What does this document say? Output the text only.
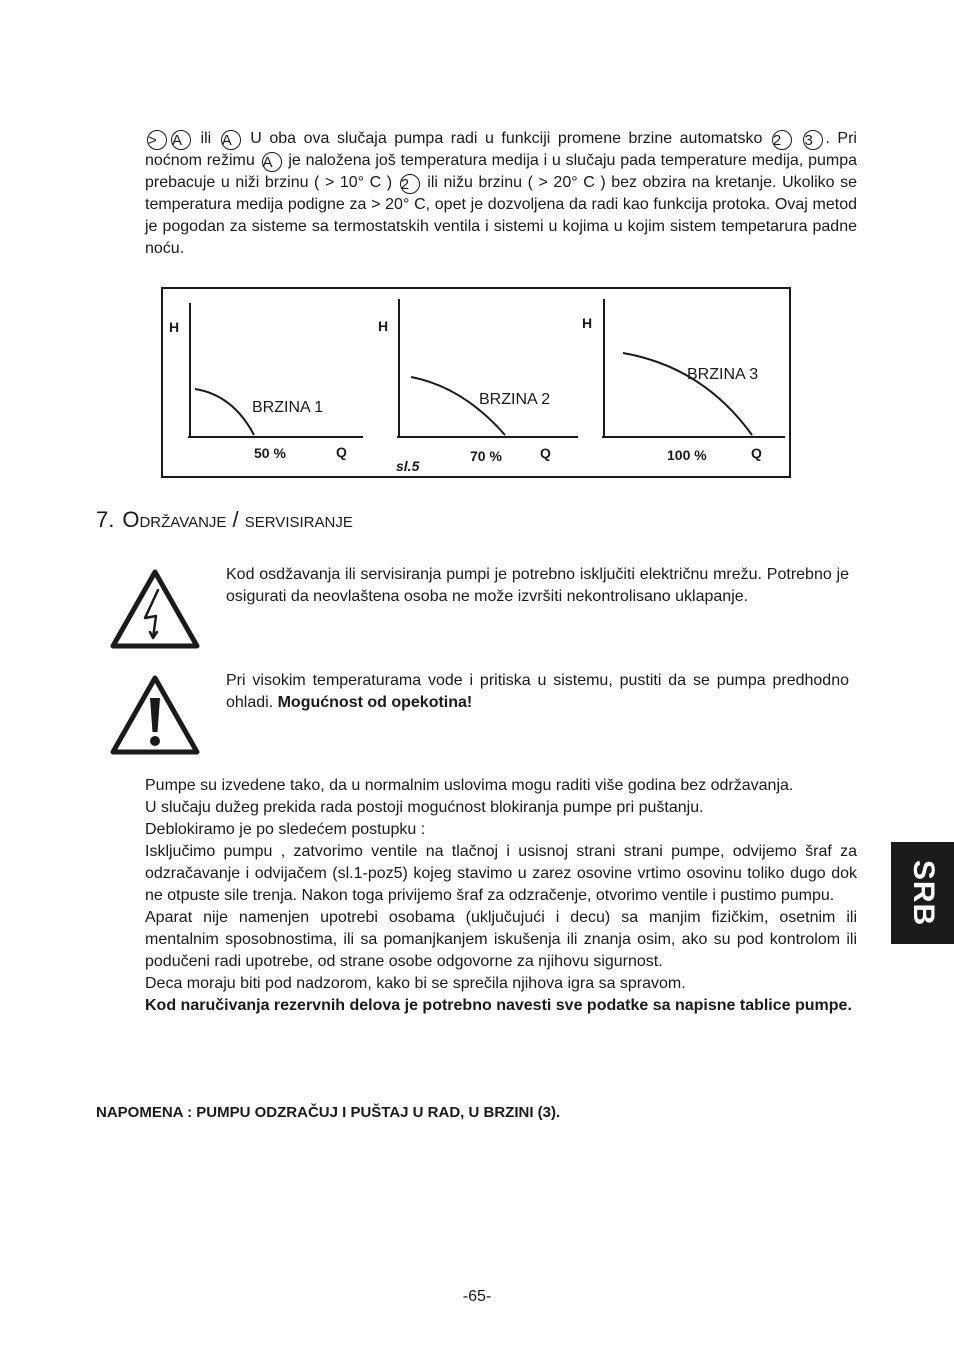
> A ili A U oba ova slučaja pumpa radi u funkciji promene brzine automatsko 2 3 . Pri noćnom režimu A je naložena još temperatura medija i u slučaju pada temperature medija, pumpa prebacuje u niži brzinu ( > 10° C ) 2 ili nižu brzinu ( > 20° C ) bez obzira na kretanje. Ukoliko se temperatura medija podigne za > 20° C, opet je dozvoljena da radi kao funkcija protoka. Ovaj metod je pogodan za sisteme sa termostatskih ventila i sistemi u kojima u kojim sistem tempetarura padne noću.
H
BRZINA 1
50 %	Q
H
BRZINA 2
70 %	Q
H
BRZINA 3
100 %	Q
sl.5
7. Održavanje / servisiranje
Kod osdžavanja ili servisiranja pumpi je potrebno isključiti električnu mrežu. Potrebno je osigurati da neovlaštena osoba ne može izvršiti nekontrolisano uklapanje.
Pri visokim temperaturama vode i pritiska u sistemu, pustiti da se pumpa predhodno ohladi. Mogućnost od opekotina!

Pumpe su izvedene tako, da u normalnim uslovima mogu raditi više godina bez održavanja.

U slučaju dužeg prekida rada postoji mogućnost blokiranja pumpe pri puštanju.

Deblokiramo je po sledećem postupku :

Isključimo pumpu , zatvorimo ventile na tlačnoj i usisnoj strani strani pumpe, odvijemo šraf za odzračavanje i odvijačem (sl.1-poz5) kojeg stavimo u zarez osovine vrtimo osovinu toliko dugo dok ne otpuste sile trenja. Nakon toga privijemo šraf za odzračenje, otvorimo ventile i pustimo pumpu.

Aparat nije namenjen upotrebi osobama (uključujući i decu) sa manjim fizičkim, osetnim ili mentalnim sposobnostima, ili sa pomanjkanjem iskušenja ili znanja osim, ako su pod kontrolom ili podučeni radi upotrebe, od strane osobe odgovorne za njihovu sigurnost.

Deca moraju biti pod nadzorom, kako bi se sprečila njihova igra sa spravom.

Kod naručivanja rezervnih delova je potrebno navesti sve podatke sa napisne tablice pumpe.

NAPOMENA : PUMPU ODZRAČUJ I PUŠTAJ U RAD, U BRZINI (3).
-65-
SRB
